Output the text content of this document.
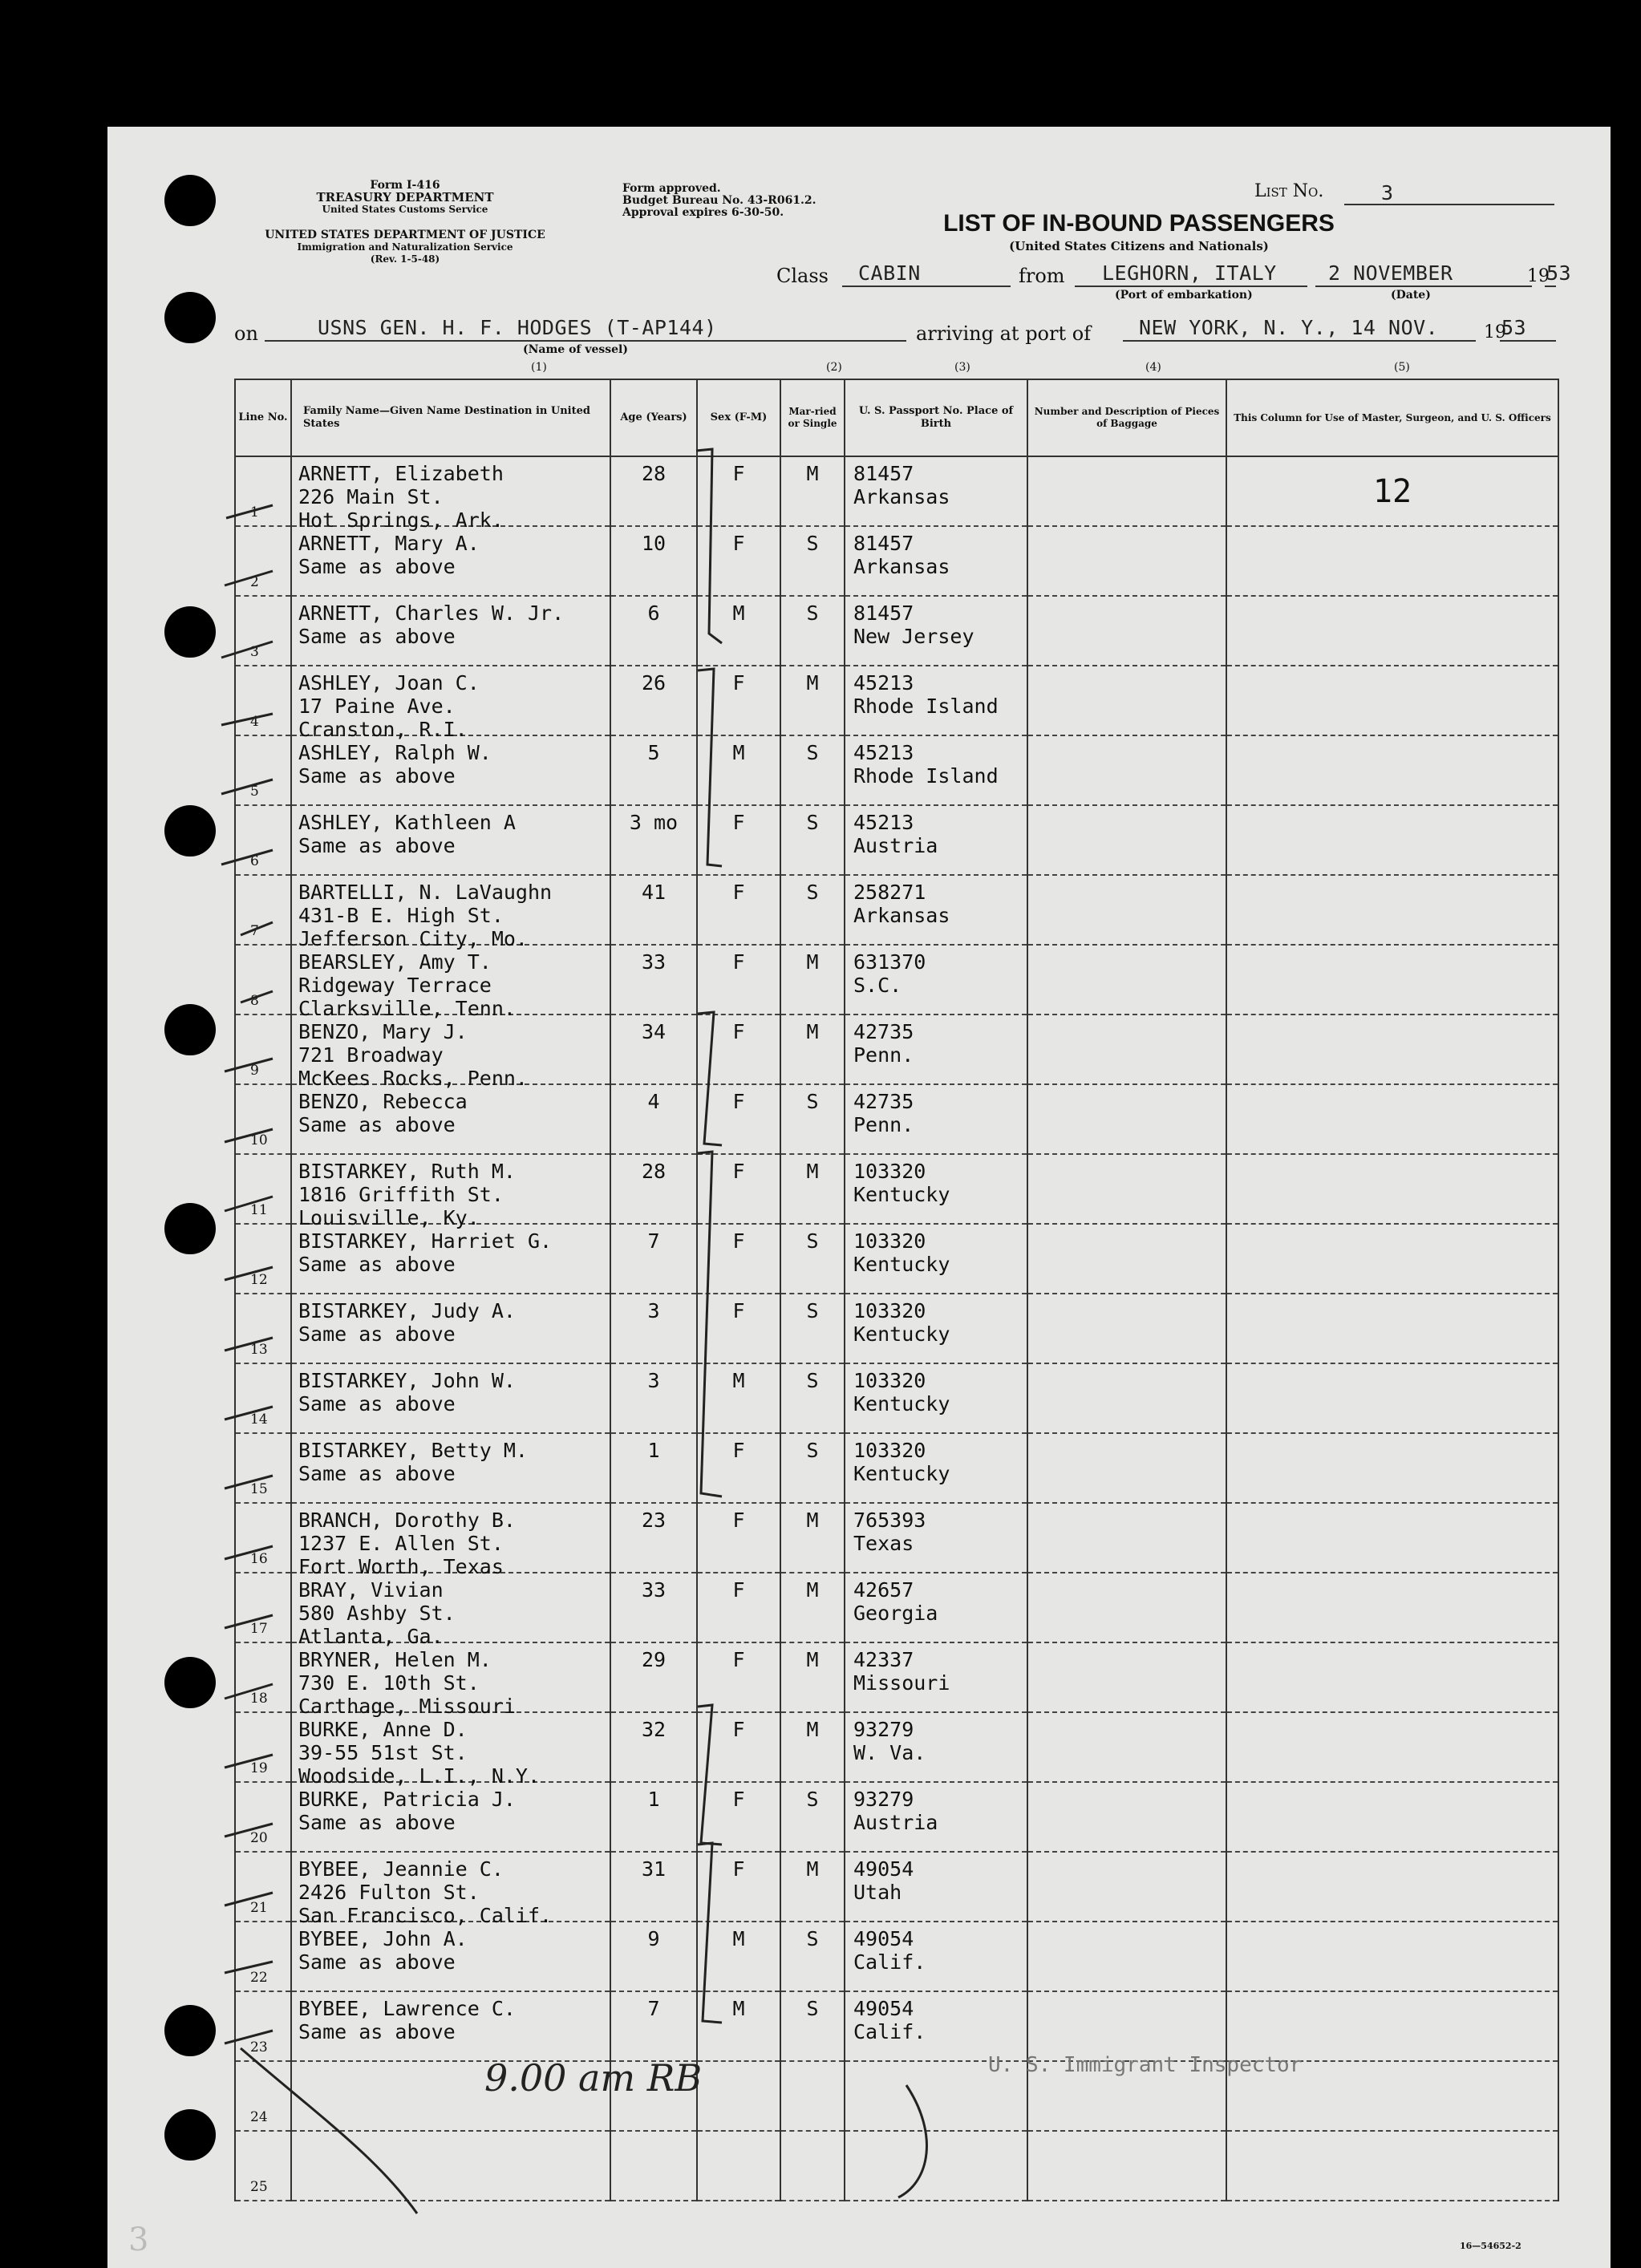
Form I-416
TREASURY DEPARTMENT
United States Customs Service
UNITED STATES DEPARTMENT OF JUSTICE
Immigration and Naturalization Service
(Rev. 1-5-48)
Form approved.
Budget Bureau No. 43-R061.2.
Approval expires 6-30-50.
List No.	3
LIST OF IN-BOUND PASSENGERS
(United States Citizens and Nationals)
Class CABIN	from LEGHORN, ITALY
(Port of embarkation)
2 NOVEMBER
(Date)
19
53
on	USNS GEN. H. F. HODGES (T-AP144)
(Name of vessel)
arriving at port of NEW YORK, N. Y., 14 NOV.	19
53
(1)	(2)	(3)	(4)	(5)
Line No.	Family Name—Given Name Destination in United States	Age (Years)	Sex (F-M)	Mar-ried or Single	U. S. Passport No. Place of Birth	Number and Description of Pieces of Baggage	This Column for Use of Master, Surgeon, and U. S. Officers

1	ARNETT, Elizabeth
226 Main St.
Hot Springs, Ark.	28	F	M	81457
Arkansas		12

2	ARNETT, Mary A.
Same as above	10	F	S	81457
Arkansas		

3	ARNETT, Charles W. Jr.
Same as above	6	M	S	81457
New Jersey		

4	ASHLEY, Joan C.
17 Paine Ave.
Cranston, R.I.	26	F	M	45213
Rhode Island		

5	ASHLEY, Ralph W.
Same as above	5	M	S	45213
Rhode Island		

6	ASHLEY, Kathleen A
Same as above	3 mo	F	S	45213
Austria		

7	BARTELLI, N. LaVaughn
431-B E. High St.
Jefferson City, Mo.	41	F	S	258271
Arkansas		

8	BEARSLEY, Amy T.
Ridgeway Terrace
Clarksville, Tenn.	33	F	M	631370
S.C.		

9	BENZO, Mary J.
721 Broadway
McKees Rocks, Penn.	34	F	M	42735
Penn.		

10	BENZO, Rebecca
Same as above	4	F	S	42735
Penn.		

11	BISTARKEY, Ruth M.
1816 Griffith St.
Louisville, Ky.	28	F	M	103320
Kentucky		

12	BISTARKEY, Harriet G.
Same as above	7	F	S	103320
Kentucky		

13	BISTARKEY, Judy A.
Same as above	3	F	S	103320
Kentucky		

14	BISTARKEY, John W.
Same as above	3	M	S	103320
Kentucky		

15	BISTARKEY, Betty M.
Same as above	1	F	S	103320
Kentucky		

16	BRANCH, Dorothy B.
1237 E. Allen St.
Fort Worth, Texas	23	F	M	765393
Texas		

17	BRAY, Vivian
580 Ashby St.
Atlanta, Ga.	33	F	M	42657
Georgia		

18	BRYNER, Helen M.
730 E. 10th St.
Carthage, Missouri	29	F	M	42337
Missouri		

19	BURKE, Anne D.
39-55 51st St.
Woodside, L.I., N.Y.	32	F	M	93279
W. Va.		

20	BURKE, Patricia J.
Same as above	1	F	S	93279
Austria		

21	BYBEE, Jeannie C.
2426 Fulton St.
San Francisco, Calif.	31	F	M	49054
Utah		

22	BYBEE, John A.
Same as above	9	M	S	49054
Calif.		

23	BYBEE, Lawrence C.
Same as above	7	M	S	49054
Calif.		

24							

25							

9.00 am RB	U. S. Immigrant Inspector
16—54652-2
3
